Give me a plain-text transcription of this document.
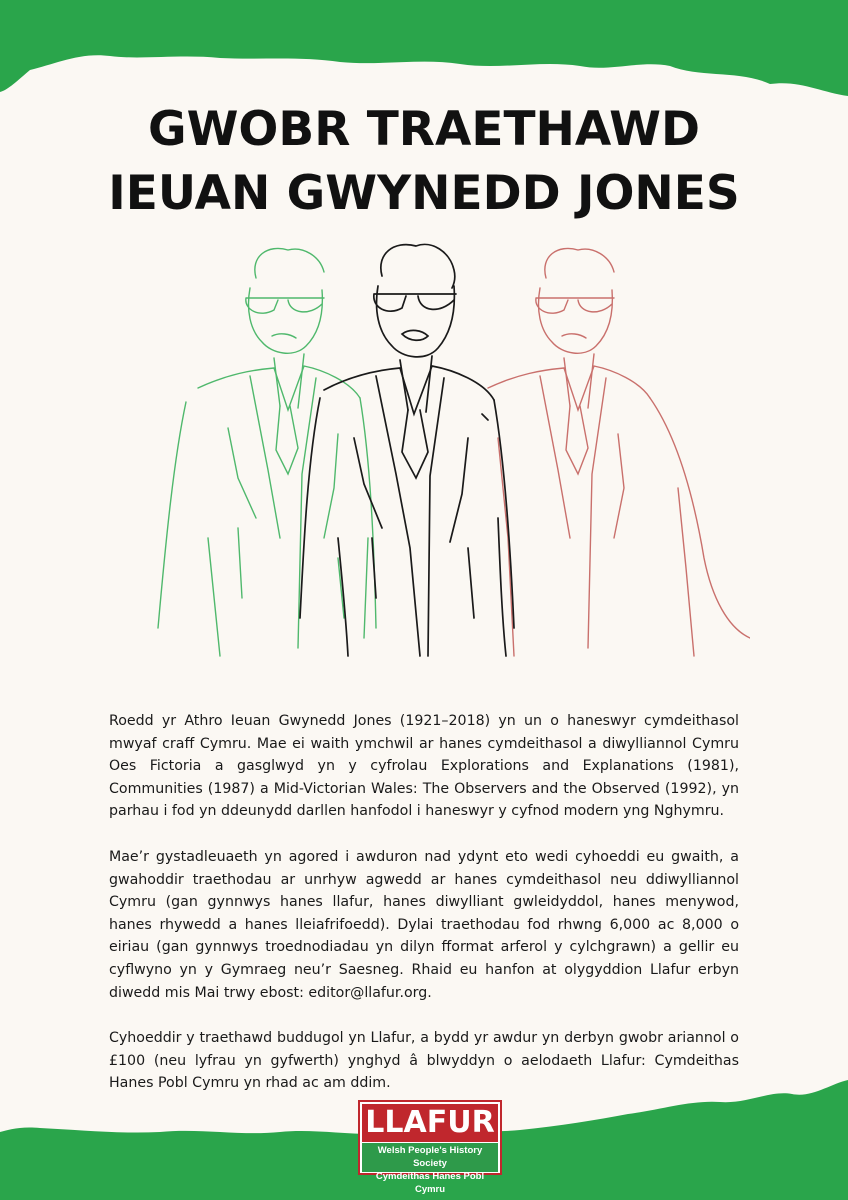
GWOBR TRAETHAWD
IEUAN GWYNEDD JONES

Roedd yr Athro Ieuan Gwynedd Jones (1921–2018) yn un o haneswyr cymdeithasol mwyaf craff Cymru. Mae ei waith ymchwil ar hanes cymdeithasol a diwylliannol Cymru Oes Fictoria a gasglwyd yn y cyfrolau Explorations and Explanations (1981), Communities (1987) a Mid-Victorian Wales: The Observers and the Observed (1992), yn parhau i fod yn ddeunydd darllen hanfodol i haneswyr y cyfnod modern yng Nghymru.

Mae’r gystadleuaeth yn agored i awduron nad ydynt eto wedi cyhoeddi eu gwaith, a gwahoddir traethodau ar unrhyw agwedd ar hanes cymdeithasol neu ddiwylliannol Cymru (gan gynnwys hanes llafur, hanes diwylliant gwleidyddol, hanes menywod, hanes rhywedd a hanes lleiafrifoedd). Dylai traethodau fod rhwng 6,000 ac 8,000 o eiriau (gan gynnwys troednodiadau yn dilyn fformat arferol y cylchgrawn) a gellir eu cyflwyno yn y Gymraeg neu’r Saesneg. Rhaid eu hanfon at olygyddion Llafur erbyn diwedd mis Mai trwy ebost: editor@llafur.org.

Cyhoeddir y traethawd buddugol yn Llafur, a bydd yr awdur yn derbyn gwobr ariannol o £100 (neu lyfrau yn gyfwerth) ynghyd â blwyddyn o aelodaeth Llafur: Cymdeithas Hanes Pobl Cymru yn rhad ac am ddim.

LLAFUR
Welsh People's History Society
Cymdeithas Hanes Pobl Cymru
